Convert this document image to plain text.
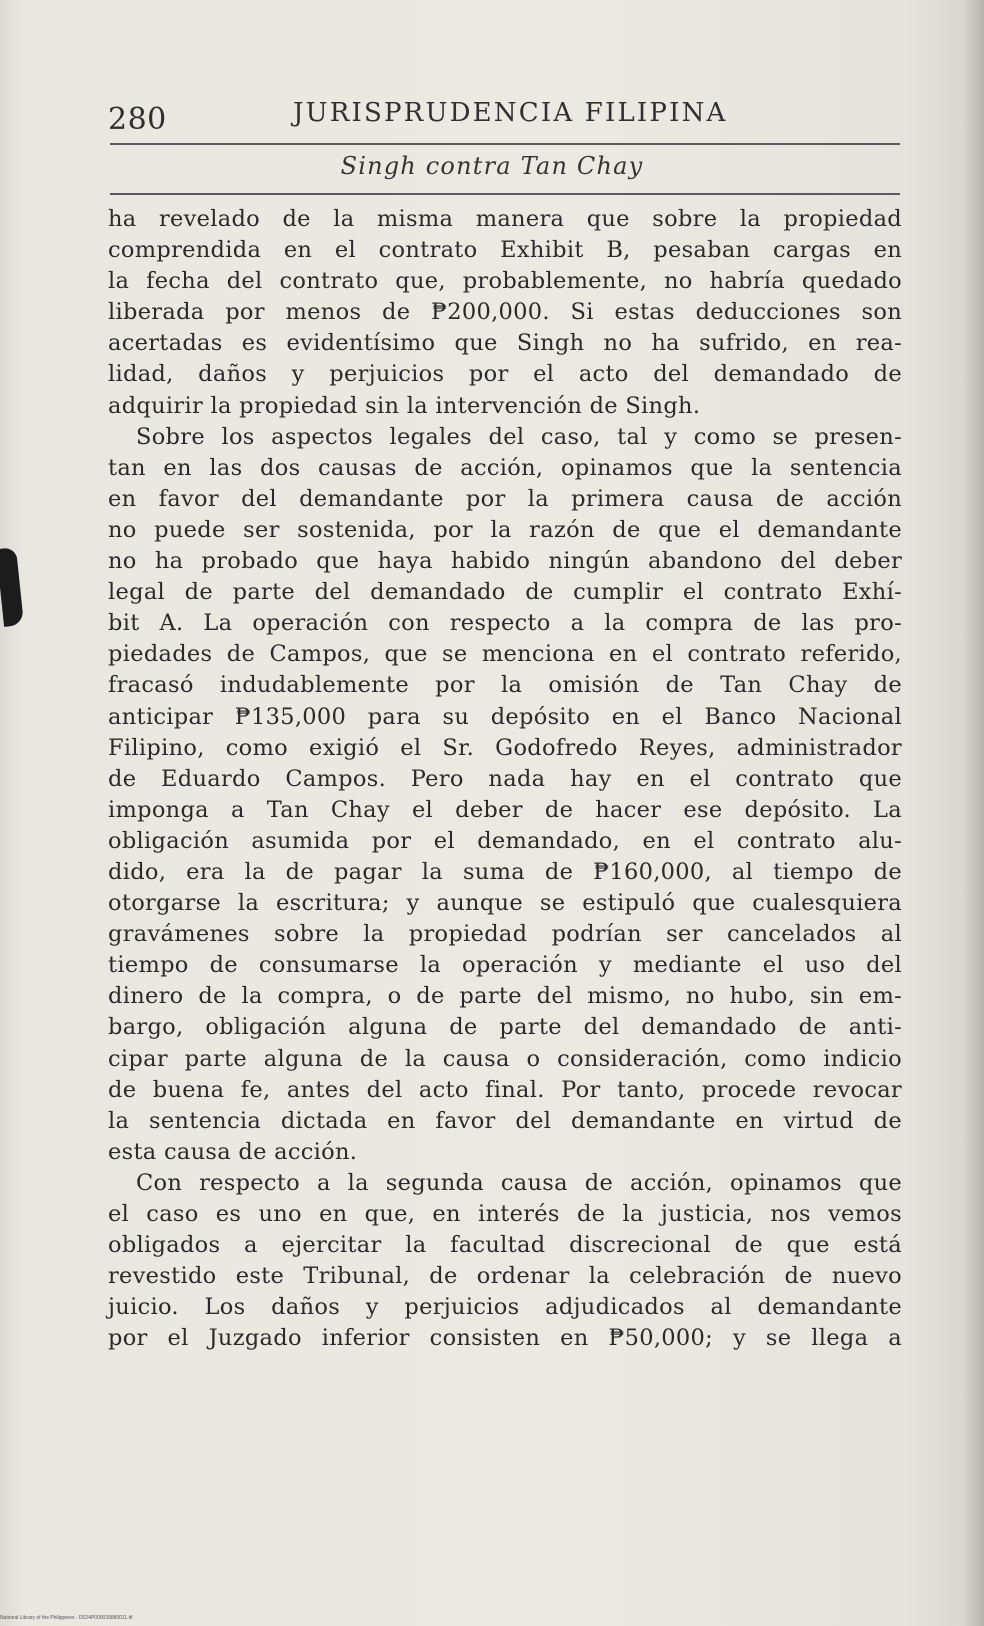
280	JURISPRUDENCIA FILIPINA
Singh contra Tan Chay
ha revelado de la misma manera que sobre la propiedad
comprendida en el contrato Exhibit B, pesaban cargas en
la fecha del contrato que, probablemente, no habría quedado
liberada por menos de ₱200,000. Si estas deducciones son
acertadas es evidentísimo que Singh no ha sufrido, en rea-
lidad, daños y perjuicios por el acto del demandado de
adquirir la propiedad sin la intervención de Singh.
Sobre los aspectos legales del caso, tal y como se presen-
tan en las dos causas de acción, opinamos que la sentencia
en favor del demandante por la primera causa de acción
no puede ser sostenida, por la razón de que el demandante
no ha probado que haya habido ningún abandono del deber
legal de parte del demandado de cumplir el contrato Exhí-
bit A. La operación con respecto a la compra de las pro-
piedades de Campos, que se menciona en el contrato referido,
fracasó indudablemente por la omisión de Tan Chay de
anticipar ₱135,000 para su depósito en el Banco Nacional
Filipino, como exigió el Sr. Godofredo Reyes, administrador
de Eduardo Campos. Pero nada hay en el contrato que
imponga a Tan Chay el deber de hacer ese depósito. La
obligación asumida por el demandado, en el contrato alu-
dido, era la de pagar la suma de ₱160,000, al tiempo de
otorgarse la escritura; y aunque se estipuló que cualesquiera
gravámenes sobre la propiedad podrían ser cancelados al
tiempo de consumarse la operación y mediante el uso del
dinero de la compra, o de parte del mismo, no hubo, sin em-
bargo, obligación alguna de parte del demandado de anti-
cipar parte alguna de la causa o consideración, como indicio
de buena fe, antes del acto final. Por tanto, procede revocar
la sentencia dictada en favor del demandante en virtud de
esta causa de acción.
Con respecto a la segunda causa de acción, opinamos que
el caso es uno en que, en interés de la justicia, nos vemos
obligados a ejercitar la facultad discrecional de que está
revestido este Tribunal, de ordenar la celebración de nuevo
juicio. Los daños y perjuicios adjudicados al demandante
por el Juzgado inferior consisten en ₱50,000; y se llega a
National Library of the Philippines · D024P000039880011.tif
